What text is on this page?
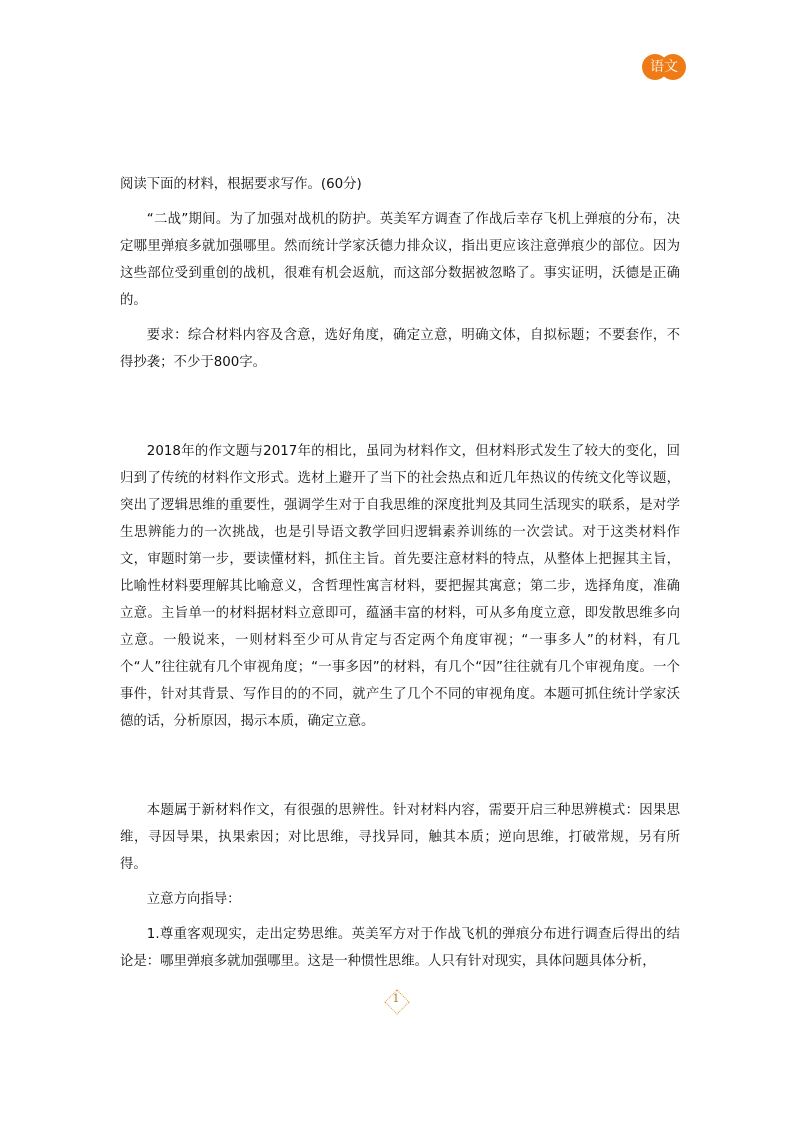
语文

阅读下面的材料，根据要求写作。(60分)

“二战”期间。为了加强对战机的防护。英美军方调查了作战后幸存飞机上弹痕的分布，决定哪里弹痕多就加强哪里。然而统计学家沃德力排众议，指出更应该注意弹痕少的部位。因为这些部位受到重创的战机，很难有机会返航，而这部分数据被忽略了。事实证明，沃德是正确的。

要求：综合材料内容及含意，选好角度，确定立意，明确文体，自拟标题；不要套作，不得抄袭；不少于800字。

2018年的作文题与2017年的相比，虽同为材料作文，但材料形式发生了较大的变化，回归到了传统的材料作文形式。选材上避开了当下的社会热点和近几年热议的传统文化等议题，突出了逻辑思维的重要性，强调学生对于自我思维的深度批判及其同生活现实的联系，是对学生思辨能力的一次挑战，也是引导语文教学回归逻辑素养训练的一次尝试。对于这类材料作文，审题时第一步，要读懂材料，抓住主旨。首先要注意材料的特点，从整体上把握其主旨，比喻性材料要理解其比喻意义，含哲理性寓言材料，要把握其寓意；第二步，选择角度，准确立意。主旨单一的材料据材料立意即可，蕴涵丰富的材料，可从多角度立意，即发散思维多向立意。一般说来，一则材料至少可从肯定与否定两个角度审视；“一事多人”的材料，有几个“人”往往就有几个审视角度；“一事多因”的材料，有几个“因”往往就有几个审视角度。一个事件，针对其背景、写作目的的不同，就产生了几个不同的审视角度。本题可抓住统计学家沃德的话，分析原因，揭示本质，确定立意。

本题属于新材料作文，有很强的思辨性。针对材料内容，需要开启三种思辨模式：因果思维，寻因导果，执果索因；对比思维，寻找异同，触其本质；逆向思维，打破常规，另有所得。

立意方向指导：

1.尊重客观现实，走出定势思维。英美军方对于作战飞机的弹痕分布进行调查后得出的结论是：哪里弹痕多就加强哪里。这是一种惯性思维。人只有针对现实，具体问题具体分析，

1
